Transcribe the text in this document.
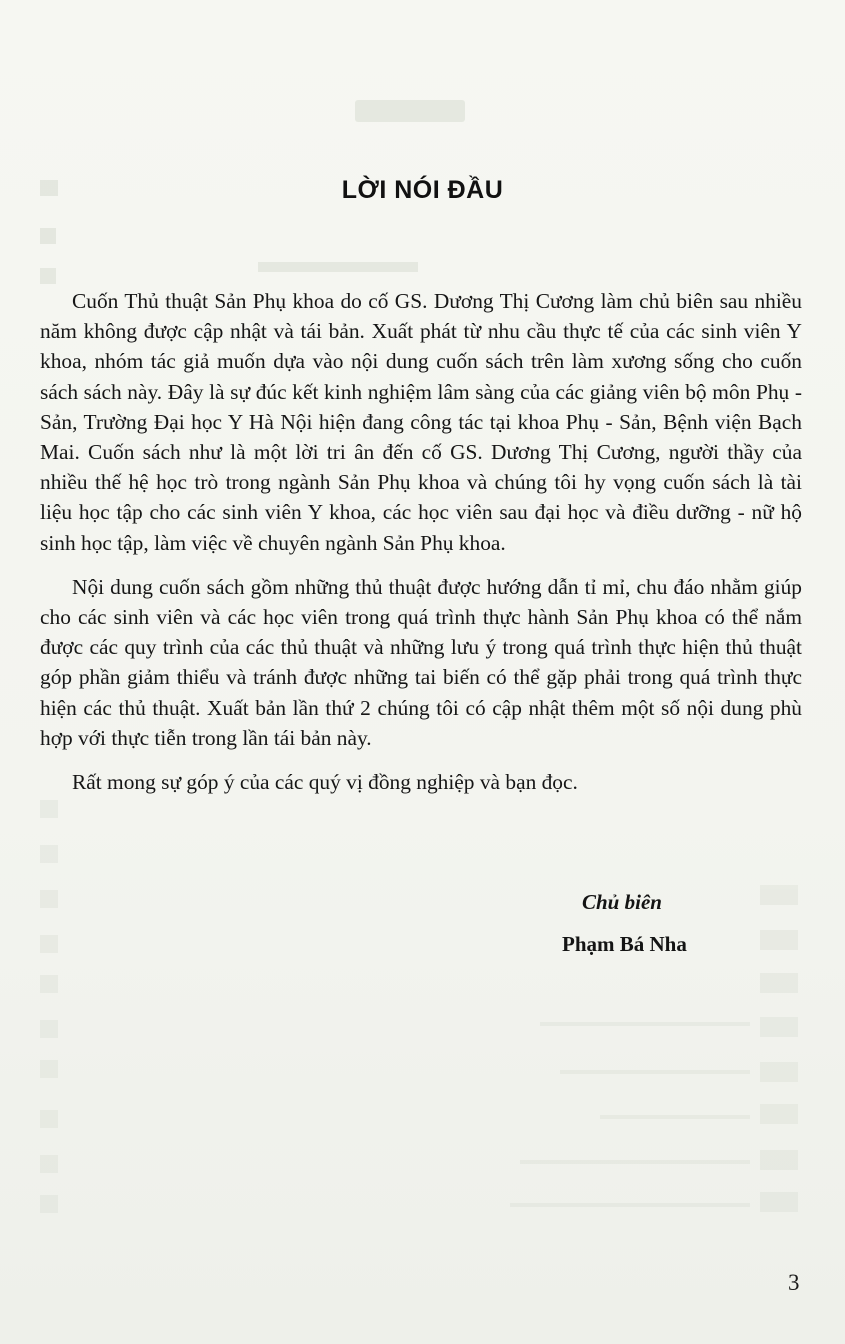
LỜI NÓI ĐẦU

Cuốn Thủ thuật Sản Phụ khoa do cố GS. Dương Thị Cương làm chủ biên sau nhiều năm không được cập nhật và tái bản. Xuất phát từ nhu cầu thực tế của các sinh viên Y khoa, nhóm tác giả muốn dựa vào nội dung cuốn sách trên làm xương sống cho cuốn sách sách này. Đây là sự đúc kết kinh nghiệm lâm sàng của các giảng viên bộ môn Phụ - Sản, Trường Đại học Y Hà Nội hiện đang công tác tại khoa Phụ - Sản, Bệnh viện Bạch Mai. Cuốn sách như là một lời tri ân đến cố GS. Dương Thị Cương, người thầy của nhiều thế hệ học trò trong ngành Sản Phụ khoa và chúng tôi hy vọng cuốn sách là tài liệu học tập cho các sinh viên Y khoa, các học viên sau đại học và điều dưỡng - nữ hộ sinh học tập, làm việc về chuyên ngành Sản Phụ khoa.

Nội dung cuốn sách gồm những thủ thuật được hướng dẫn tỉ mỉ, chu đáo nhằm giúp cho các sinh viên và các học viên trong quá trình thực hành Sản Phụ khoa có thể nắm được các quy trình của các thủ thuật và những lưu ý trong quá trình thực hiện thủ thuật góp phần giảm thiểu và tránh được những tai biến có thể gặp phải trong quá trình thực hiện các thủ thuật. Xuất bản lần thứ 2 chúng tôi có cập nhật thêm một số nội dung phù hợp với thực tiễn trong lần tái bản này.

Rất mong sự góp ý của các quý vị đồng nghiệp và bạn đọc.

Chủ biên
Phạm Bá Nha
3
